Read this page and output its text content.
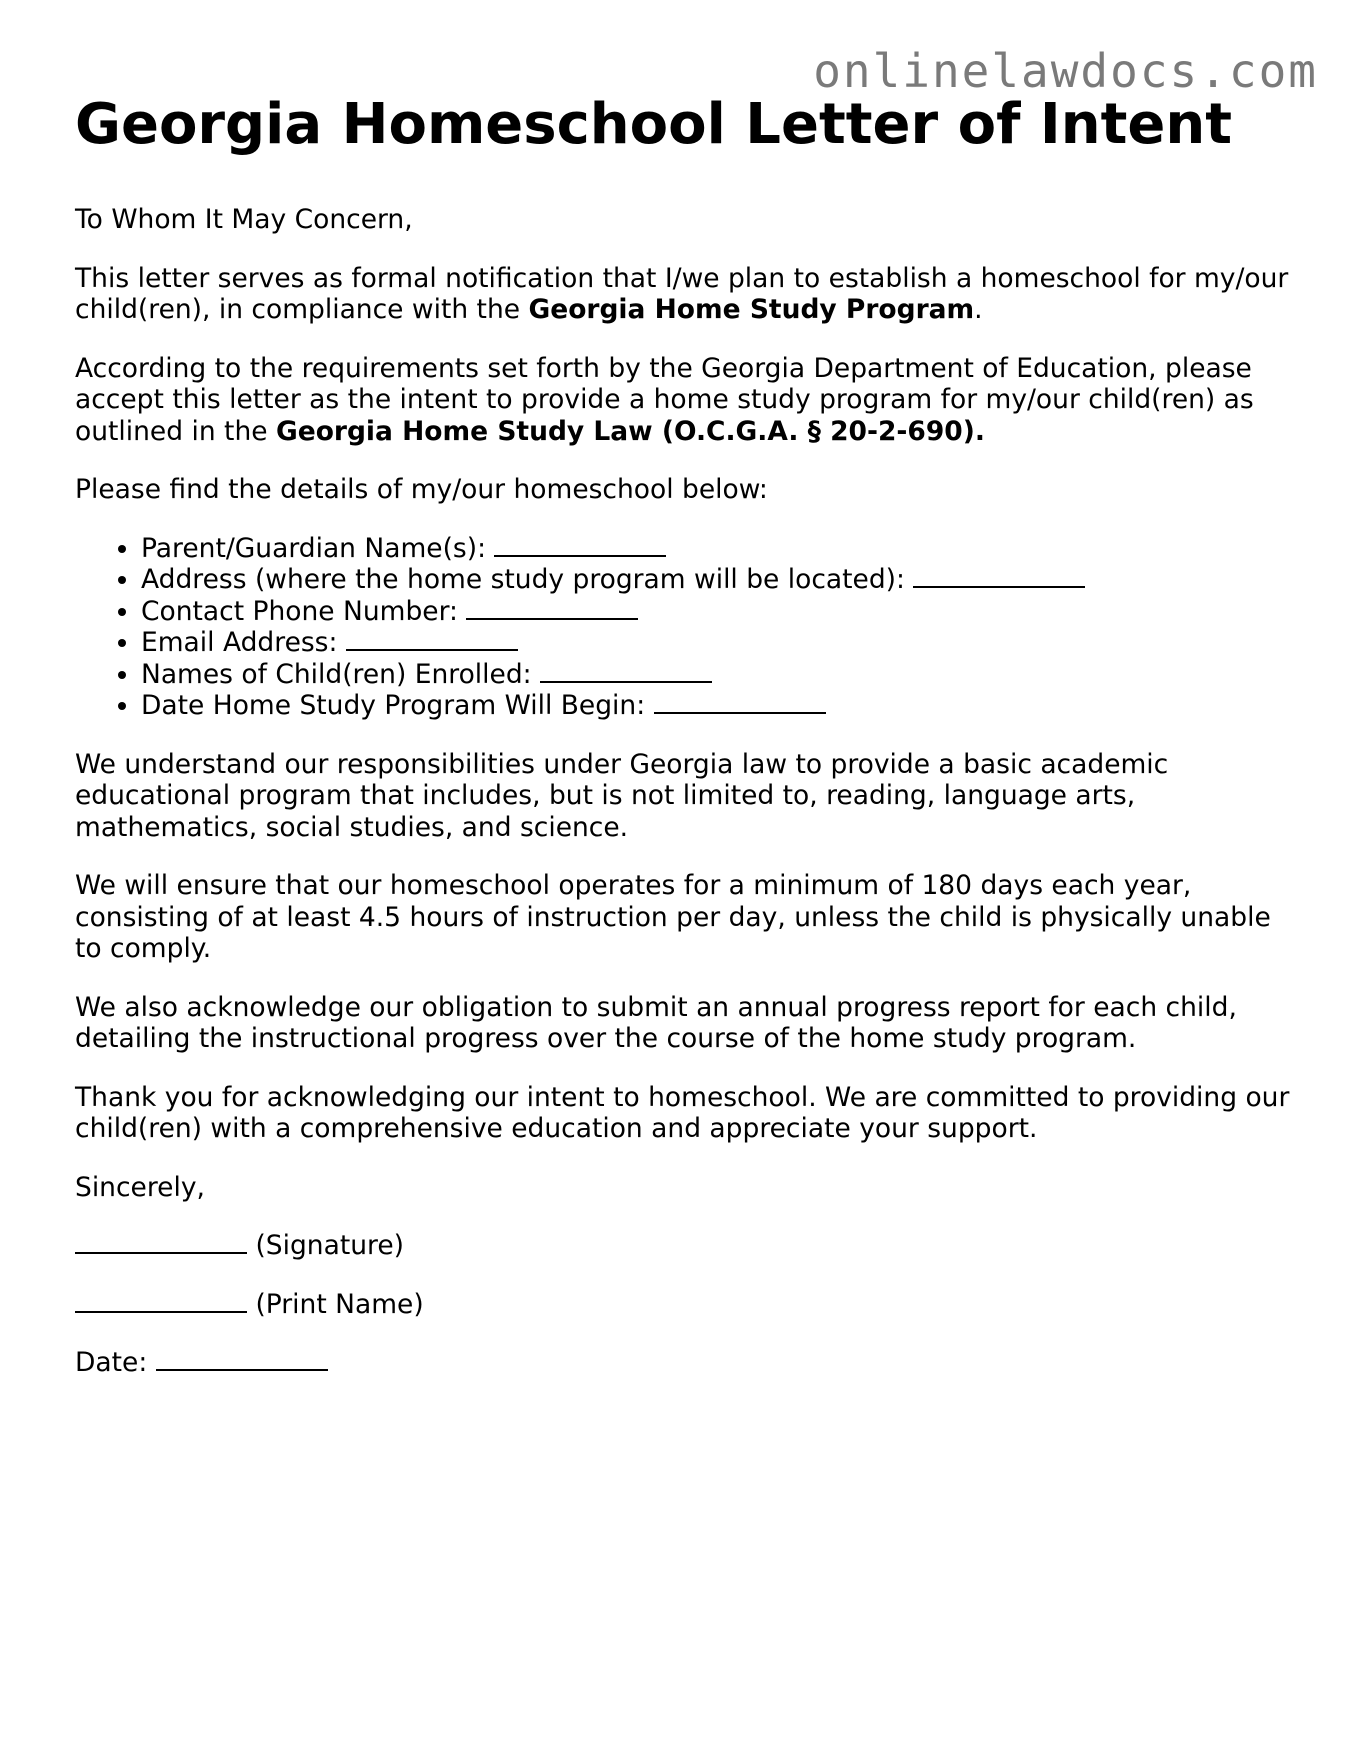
onlinelawdocs.com
Georgia Homeschool Letter of Intent

To Whom It May Concern,

This letter serves as formal notification that I/we plan to establish a homeschool for my/our child(ren), in compliance with the Georgia Home Study Program.

According to the requirements set forth by the Georgia Department of Education, please accept this letter as the intent to provide a home study program for my/our child(ren) as outlined in the Georgia Home Study Law (O.C.G.A. § 20-2-690).

Please find the details of my/our homeschool below:

• Parent/Guardian Name(s):
• Address (where the home study program will be located):
• Contact Phone Number:
• Email Address:
• Names of Child(ren) Enrolled:
• Date Home Study Program Will Begin:

We understand our responsibilities under Georgia law to provide a basic academic educational program that includes, but is not limited to, reading, language arts, mathematics, social studies, and science.

We will ensure that our homeschool operates for a minimum of 180 days each year, consisting of at least 4.5 hours of instruction per day, unless the child is physically unable to comply.

We also acknowledge our obligation to submit an annual progress report for each child, detailing the instructional progress over the course of the home study program.

Thank you for acknowledging our intent to homeschool. We are committed to providing our child(ren) with a comprehensive education and appreciate your support.

Sincerely,

(Signature)

(Print Name)

Date:
